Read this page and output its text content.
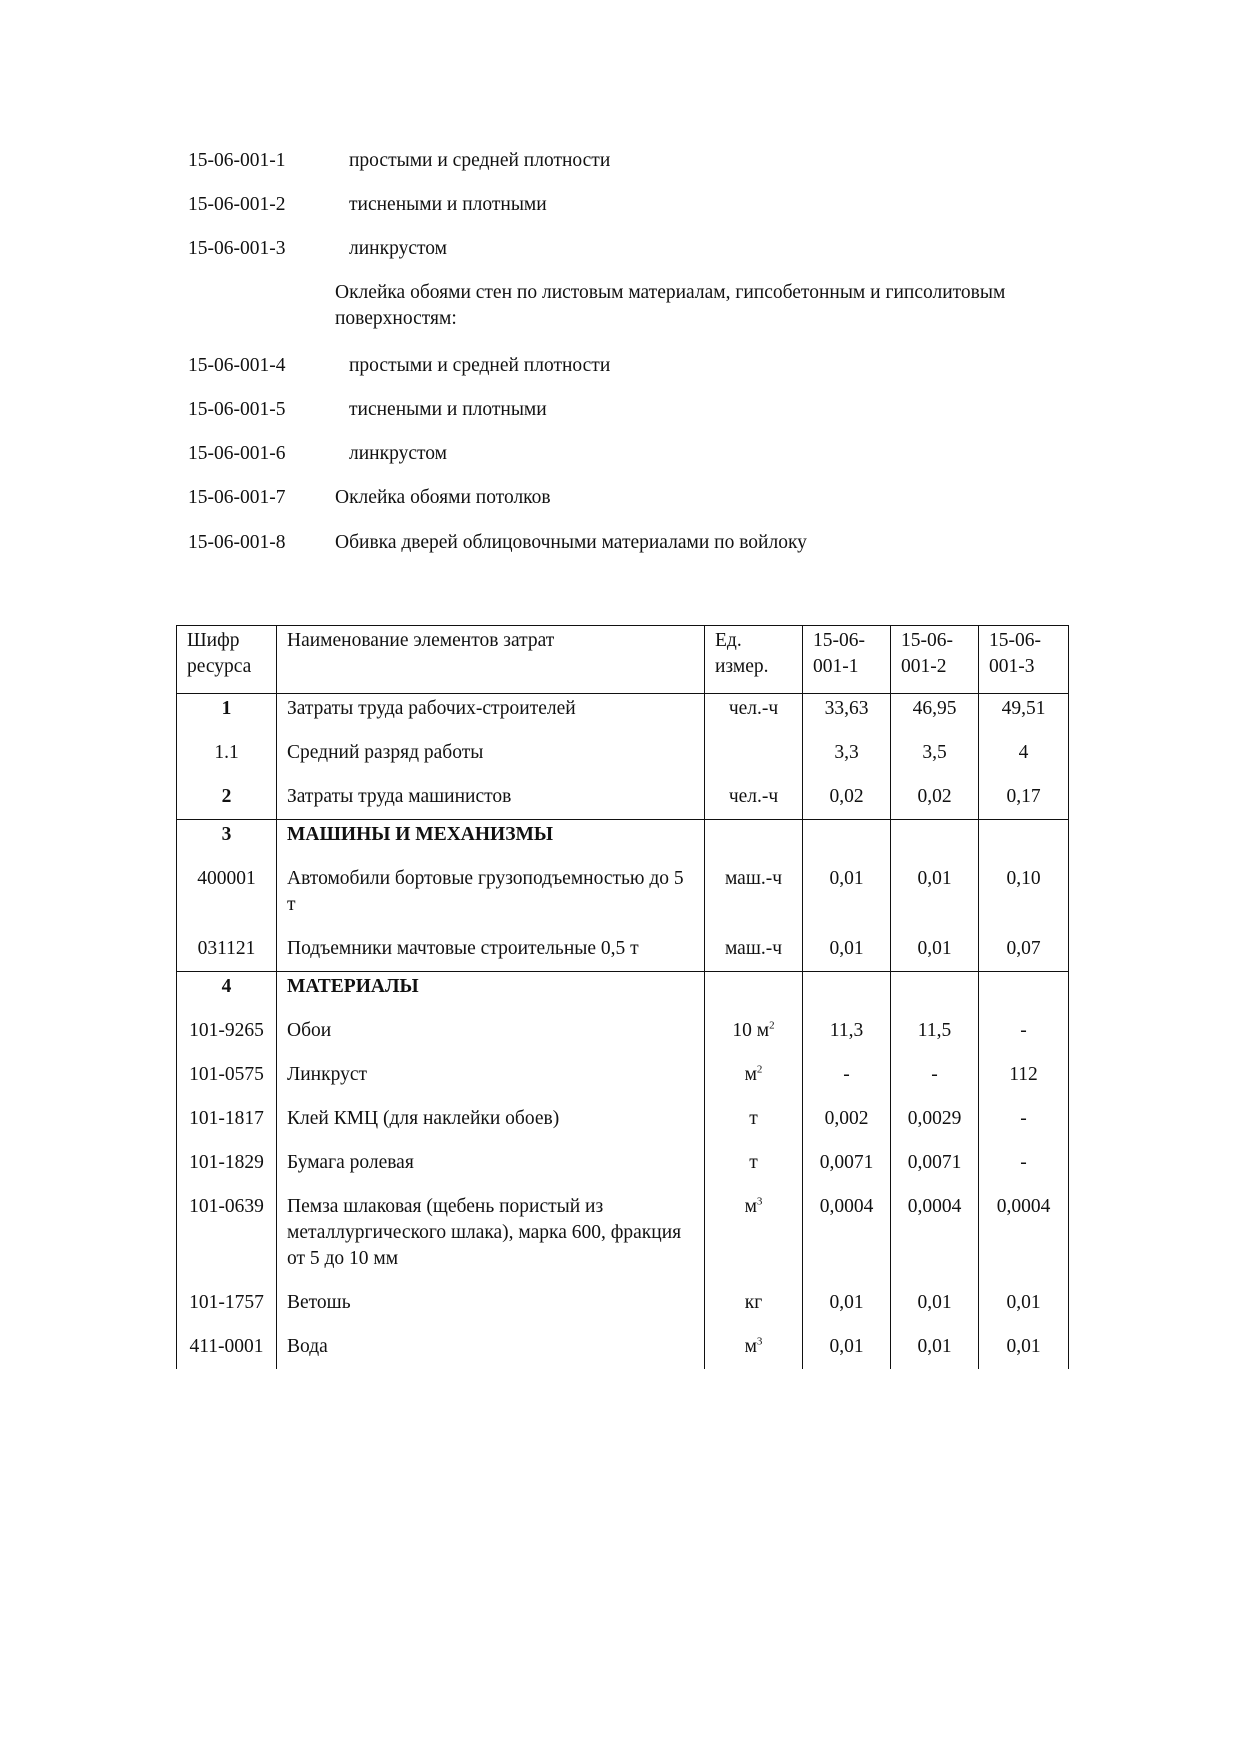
15-06-001-1	простыми и средней плотности
15-06-001-2	тиснеными и плотными
15-06-001-3	линкрустом
Оклейка обоями стен по листовым материалам, гипсобетонным и гипсолитовым поверхностям:
15-06-001-4	простыми и средней плотности
15-06-001-5	тиснеными и плотными
15-06-001-6	линкрустом
15-06-001-7	Оклейка обоями потолков
15-06-001-8	Обивка дверей облицовочными материалами по войлоку
Шифр ресурса	Наименование элементов затрат	Ед. измер.	15-06-001-1	15-06-001-2	15-06-001-3
1	Затраты труда рабочих-строителей	чел.-ч	33,63	46,95	49,51
1.1	Средний разряд работы		3,3	3,5	4
2	Затраты труда машинистов	чел.-ч	0,02	0,02	0,17
3	МАШИНЫ И МЕХАНИЗМЫ				
400001	Автомобили бортовые грузоподъемностью до 5 т	маш.-ч	0,01	0,01	0,10
031121	Подъемники мачтовые строительные 0,5 т	маш.-ч	0,01	0,01	0,07
4	МАТЕРИАЛЫ				
101-9265	Обои	10 $м^2$	11,3	11,5	-
101-0575	Линкруст	$м^2$	-	-	112
101-1817	Клей КМЦ (для наклейки обоев)	т	0,002	0,0029	-
101-1829	Бумага ролевая	т	0,0071	0,0071	-
101-0639	Пемза шлаковая (щебень пористый из металлургического шлака), марка 600, фракция от 5 до 10 мм	$м^3$	0,0004	0,0004	0,0004
101-1757	Ветошь	кг	0,01	0,01	0,01
411-0001	Вода	$м^3$	0,01	0,01	0,01
